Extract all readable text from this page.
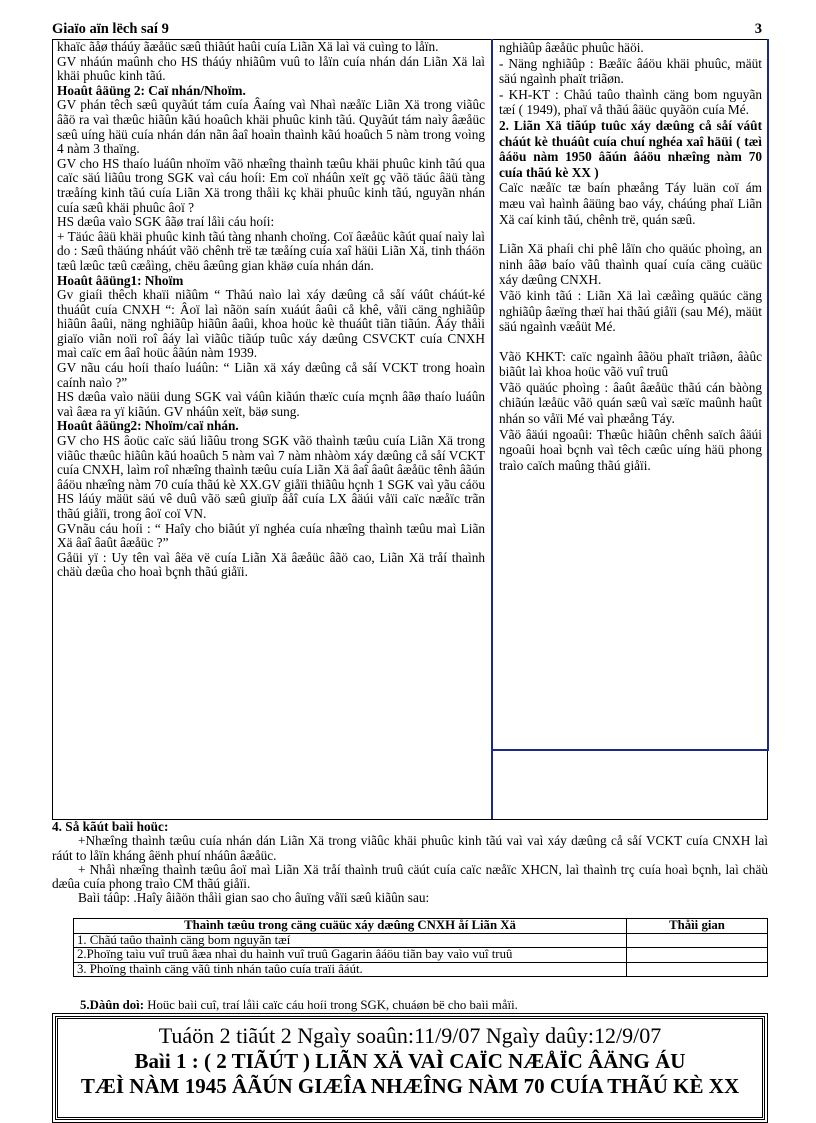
Giaïo aïn lëch saí 9	3

khaïc ãåø tháúy ãæåüc sæû thiãút haûi cuía Liãn Xä laì vä cuìng to låïn.

GV nháún maûnh cho HS tháúy nhiãûm vuû to låïn cuía nhán dán Liãn Xä laì khäi phuûc kinh tãú.

Hoaût âäüng 2: Caï nhán/Nhoïm.

GV phán têch sæû quyãút tám cuía Âaíng vaì Nhaì næåïc Liãn Xä trong viãûc âãö ra vaì thæûc hiãûn kãú hoaûch khäi phuûc kinh tãú. Quyãút tám naìy âæåüc sæû uíng häü cuía nhán dán nãn âaî hoaìn thaình kãú hoaûch 5 nàm trong voìng 4 nàm 3 thaïng.

GV cho HS thaío luáûn nhoïm vãö nhæîng thaình tæûu khäi phuûc kinh tãú qua caïc säú liãûu trong SGK vaì cáu hoíi: Em coï nháûn xeït gç vãö täúc âäü tàng træåíng kinh tãú cuía Liãn Xä trong thåìi kç khäi phuûc kinh tãú, nguyãn nhán cuía sæû khäi phuûc âoï ?

HS dæûa vaìo SGK âãø traí låìi cáu hoíi:

+ Täúc âäü khäi phuûc kinh tãú tàng nhanh choïng. Coï âæåüc kãút quaí naìy laì do : Sæû thäúng nháút vãö chênh trë tæ tæåíng cuía xaî häüi Liãn Xä, tinh tháön tæû læûc tæû cæåìng, chëu âæûng gian khäø cuía nhán dán.

Hoaût âäüng1: Nhoïm

Gv giaíi thêch khaïi niãûm “ Thãú naìo laì xáy dæûng cå såí váût cháút-ké thuáût cuía CNXH “: Âoï laì nãön saín xuáút âaûi cå khê, våïi cäng nghiãûp hiãûn âaûi, näng nghiãûp hiãûn âaûi, khoa hoüc kè thuáût tiãn tiãún. Âáy thåìi giaïo viãn noïi roî âáy laì viãûc tiãúp tuûc xáy dæûng CSVCKT cuía CNXH maì caïc em âaî hoüc âãún nàm 1939.

GV nãu cáu hoíi thaío luáûn: “ Liãn xä xáy dæûng cå såí VCKT trong hoaìn caính naìo ?”

HS dæûa vaìo näüi dung SGK vaì váûn kiãún thæïc cuía mçnh âãø thaío luáûn vaì âæa ra yï kiãún. GV nháûn xeït, bäø sung.

Hoaût âäüng2: Nhoïm/caï nhán.

GV cho HS âoüc caïc säú liãûu trong SGK vãö thaình tæûu cuía Liãn Xä trong viãûc thæûc hiãûn kãú hoaûch 5 nàm vaì 7 nàm nhàòm xáy dæûng cå såí VCKT cuía CNXH, laìm roî nhæîng thaình tæûu cuía Liãn Xä âaî âaût âæåüc tênh âãún âáöu nhæîng nàm 70 cuía thãú kè XX.GV giåïi thiãûu hçnh 1 SGK vaì yãu cáöu HS láúy mäüt säú vê duû vãö sæû giuïp âåî cuía LX âäúi våïi caïc næåïc trãn thãú giåïi, trong âoï coï VN.

GVnãu cáu hoíi : “ Haîy cho biãút yï nghéa cuía nhæîng thaình tæûu maì Liãn Xä âaî âaût âæåüc ?”

Gåüi yï : Uy tên vaì âëa vë cuía Liãn Xä âæåüc âãö cao, Liãn Xä tråí thaình chäù dæûa cho hoaì bçnh thãú giåïi.

nghiãûp âæåüc phuûc häöi.

- Näng nghiãûp : Bæåïc âáöu khäi phuûc, mäüt säú ngaình phaït triãøn.

- KH-KT : Chãú taûo thaình cäng bom nguyãn tæí ( 1949), phaï vå thãú âäüc quyãön cuía Mé.

2. Liãn Xä tiãúp tuûc xáy dæûng cå såí váût cháút kè thuáût cuía chuí nghéa xaî häüi ( tæì âáöu nàm 1950 âãún âáöu nhæîng nàm 70 cuía thãú kè XX )

Caïc næåïc tæ baín phæång Táy luän coï ám mæu vaì haình âäüng bao váy, cháúng phaï Liãn Xä caí kinh tãú, chênh trë, quán sæû.

Liãn Xä phaíi chi phê låïn cho quäúc phoìng, an ninh âãø baío vãû thaình quaí cuía cäng cuäüc xáy dæûng CNXH.

Vãö kinh tãú : Liãn Xä laì cæåìng quäúc cäng nghiãûp âæïng thæï hai thãú giåïi (sau Mé), mäüt säú ngaình væåüt Mé.

Vãö KHKT: caïc ngaình âãöu phaït triãøn, âàûc biãût laì khoa hoüc vãö vuî truû

Vãö quäúc phoìng : âaût âæåüc thãú cán bàòng chiãún læåüc vãö quán sæû vaì sæïc maûnh haût nhán so våïi Mé vaì phæång Táy.

Vãö âäúi ngoaûi: Thæûc hiãûn chênh saïch âäúi ngoaûi hoaì bçnh vaì têch cæûc uíng häü phong traìo caïch maûng thãú giåïi.

4. Så kãút baìi hoüc:

+Nhæîng thaình tæûu cuía nhán dán Liãn Xä trong viãûc khäi phuûc kinh tãú vaì vaì xáy dæûng cå såí VCKT cuía CNXH laì ráút to låïn kháng âënh phuí nháûn âæåüc.

+ Nhåì nhæîng thaình tæûu âoï maì Liãn Xä tråí thaình truû cäút cuía caïc næåïc XHCN, laì thaình trç cuía hoaì bçnh, laì chäù dæûa cuía phong traìo CM thãú giåïi.

Baìi táûp: .Haîy âiãön thåìi gian sao cho âuïng våïi sæû kiãûn sau:

Thaình tæûu trong cäng cuäüc xáy dæûng CNXH åí Liãn Xä	Thåìi gian
1. Chãú taûo thaình cäng bom nguyãn tæí	
2.Phoïng taìu vuî truû âæa nhaì du haình vuî truû Gagarin âáöu tiãn bay vaìo vuî truû	
3. Phoïng thaình cäng vãû tinh nhán taûo cuía traïi âáút.	
5.Dàûn doì: Hoüc baìi cuî, traí låìi caïc cáu hoíi trong SGK, chuáøn bë cho baìi måïi.
Tuáön 2 tiãút 2 Ngaìy soaûn:11/9/07 Ngaìy daûy:12/9/07
Baìi 1 : ( 2 TIÃÚT ) LIÃN XÄ VAÌ CAÏC NÆÅÏC ÂÄNG ÁU
TÆÌ NÀM 1945 ÂÃÚN GIÆÎA NHÆÎNG NÀM 70 CUÍA THÃÚ KÈ XX
